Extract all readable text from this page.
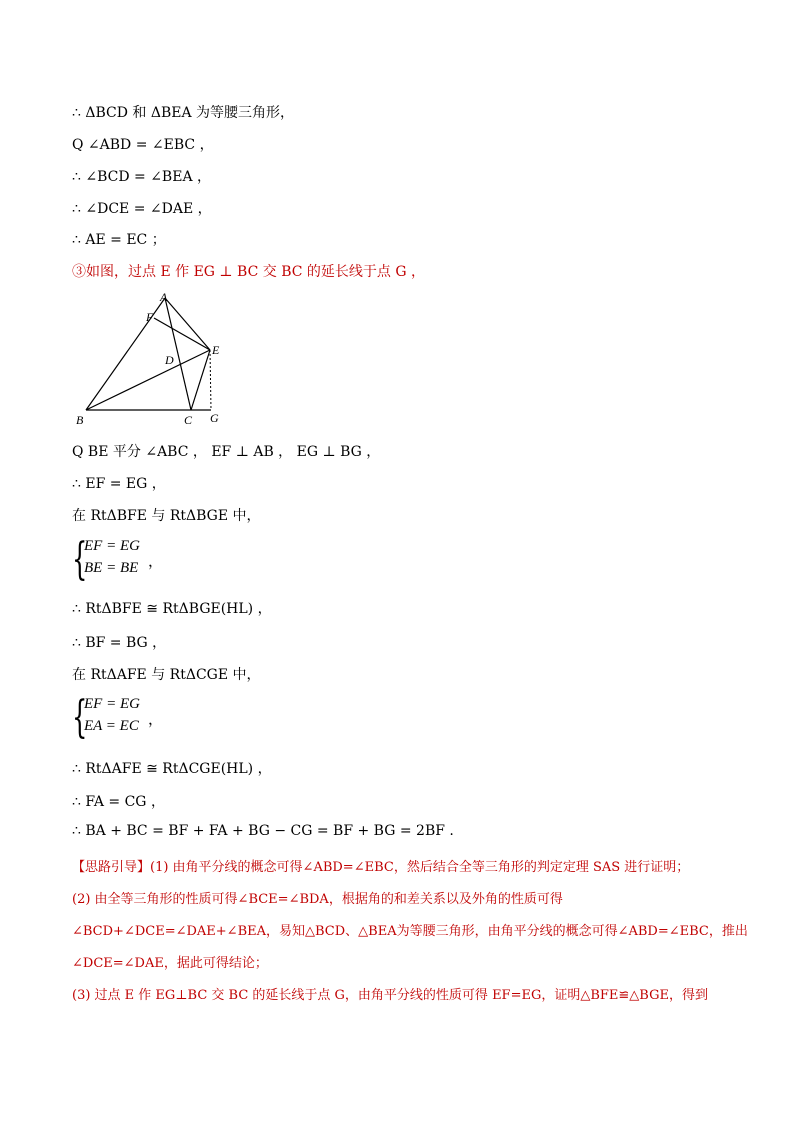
∴ ΔBCD 和 ΔBEA 为等腰三角形，
Q ∠ABD = ∠EBC ，
∴ ∠BCD = ∠BEA ，
∴ ∠DCE = ∠DAE ，
∴ AE = EC ；
③如图，过点 E 作 EG ⊥ BC 交 BC 的延长线于点 G ，
A
F
D
E
B	C G
Q BE 平分 ∠ABC ， EF ⊥ AB ， EG ⊥ BG ，
∴ EF = EG ，
在 RtΔBFE 与 RtΔBGE 中，
{
EF = EG
BE = BE ，
∴ RtΔBFE ≅ RtΔBGE(HL) ，
∴ BF = BG ，
在 RtΔAFE 与 RtΔCGE 中，
{
EF = EG
EA = EC ，
∴ RtΔAFE ≅ RtΔCGE(HL) ，
∴ FA = CG ，
∴ BA + BC = BF + FA + BG − CG = BF + BG = 2BF .
【思路引导】(1) 由角平分线的概念可得∠ABD=∠EBC，然后结合全等三角形的判定定理 SAS 进行证明；
(2) 由全等三角形的性质可得∠BCE=∠BDA，根据角的和差关系以及外角的性质可得
∠BCD+∠DCE=∠DAE+∠BEA，易知△BCD、△BEA为等腰三角形，由角平分线的概念可得∠ABD=∠EBC，推出
∠DCE=∠DAE，据此可得结论；
(3) 过点 E 作 EG⊥BC 交 BC 的延长线于点 G，由角平分线的性质可得 EF=EG，证明△BFE≌△BGE，得到
